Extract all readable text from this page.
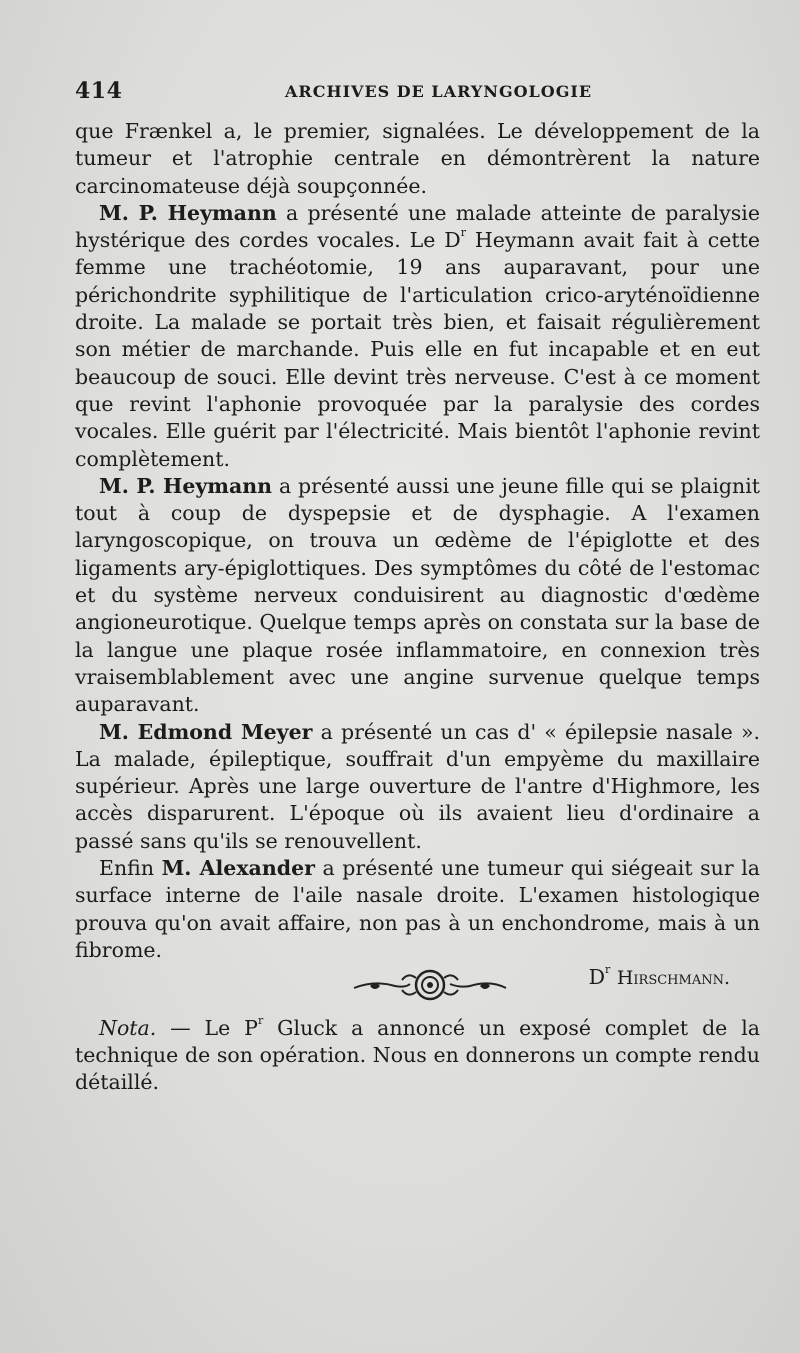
414	ARCHIVES DE LARYNGOLOGIE

que Frænkel a, le premier, signalées. Le développement de la tumeur et l'atrophie centrale en démontrèrent la nature carcinomateuse déjà soupçonnée.

M. P. Heymann a présenté une malade atteinte de paralysie hystérique des cordes vocales. Le $D^r$ Heymann avait fait à cette femme une trachéotomie, 19 ans auparavant, pour une périchondrite syphilitique de l'articulation crico-aryténoïdienne droite. La malade se portait très bien, et faisait régulièrement son métier de marchande. Puis elle en fut incapable et en eut beaucoup de souci. Elle devint très nerveuse. C'est à ce moment que revint l'aphonie provoquée par la paralysie des cordes vocales. Elle guérit par l'électricité. Mais bientôt l'aphonie revint complètement.

M. P. Heymann a présenté aussi une jeune fille qui se plaignit tout à coup de dyspepsie et de dysphagie. A l'examen laryngoscopique, on trouva un œdème de l'épiglotte et des ligaments ary-épiglottiques. Des symptômes du côté de l'estomac et du système nerveux conduisirent au diagnostic d'œdème angioneurotique. Quelque temps après on constata sur la base de la langue une plaque rosée inflammatoire, en connexion très vraisemblablement avec une angine survenue quelque temps auparavant.

M. Edmond Meyer a présenté un cas d' « épilepsie nasale ». La malade, épileptique, souffrait d'un empyème du maxillaire supérieur. Après une large ouverture de l'antre d'Highmore, les accès disparurent. L'époque où ils avaient lieu d'ordinaire a passé sans qu'ils se renouvellent.

Enfin M. Alexander a présenté une tumeur qui siégeait sur la surface interne de l'aile nasale droite. L'examen histologique prouva qu'on avait affaire, non pas à un enchondrome, mais à un fibrome.

$D^r$ Hirschmann.

Nota. — Le $P^r$ Gluck a annoncé un exposé complet de la technique de son opération. Nous en donnerons un compte rendu détaillé.
